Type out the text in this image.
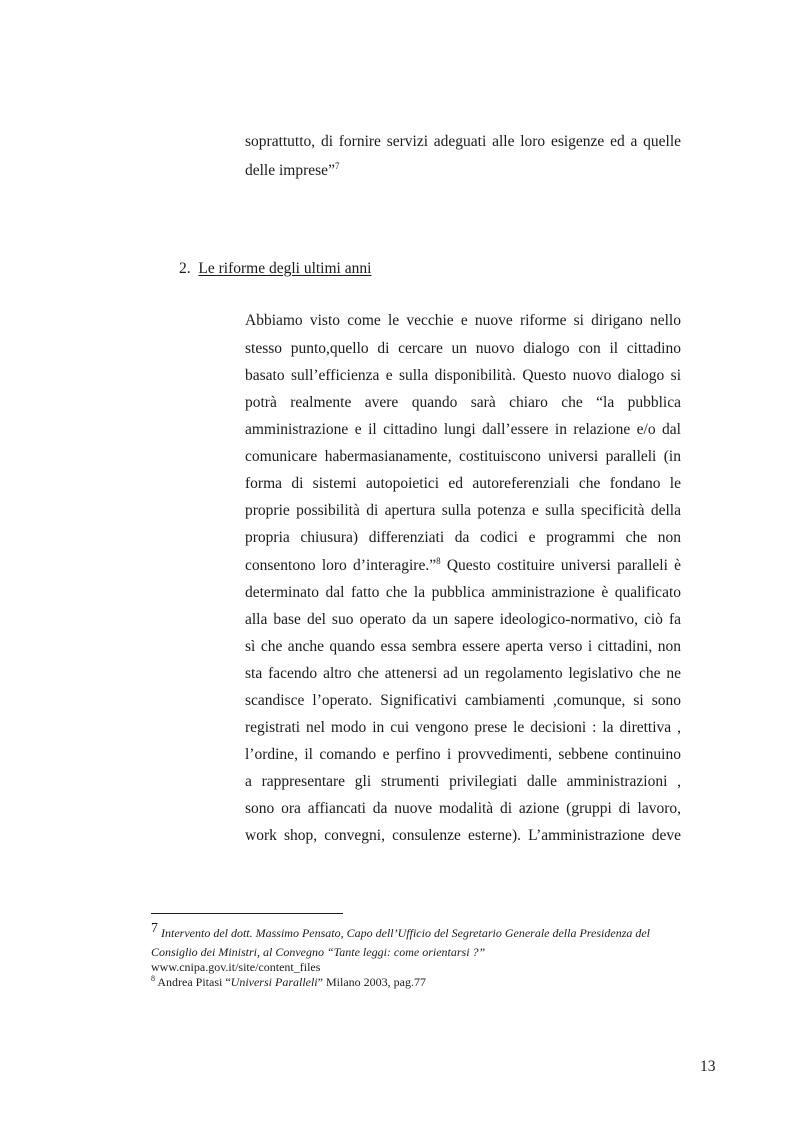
soprattutto, di fornire servizi adeguati alle loro esigenze ed a quelle
delle imprese”$^7$
2. Le riforme degli ultimi anni
Abbiamo visto come le vecchie e nuove riforme si dirigano nello
stesso punto,quello di cercare un nuovo dialogo con il cittadino
basato sull’efficienza e sulla disponibilità. Questo nuovo dialogo si
potrà realmente avere quando sarà chiaro che “la pubblica
amministrazione e il cittadino lungi dall’essere in relazione e/o dal
comunicare habermasianamente, costituiscono universi paralleli (in
forma di sistemi autopoietici ed autoreferenziali che fondano le
proprie possibilità di apertura sulla potenza e sulla specificità della
propria chiusura) differenziati da codici e programmi che non
consentono loro d’interagire.”$^8$ Questo costituire universi paralleli è
determinato dal fatto che la pubblica amministrazione è qualificato
alla base del suo operato da un sapere ideologico-normativo, ciò fa
sì che anche quando essa sembra essere aperta verso i cittadini, non
sta facendo altro che attenersi ad un regolamento legislativo che ne
scandisce l’operato. Significativi cambiamenti ,comunque, si sono
registrati nel modo in cui vengono prese le decisioni : la direttiva ,
l’ordine, il comando e perfino i provvedimenti, sebbene continuino
a rappresentare gli strumenti privilegiati dalle amministrazioni ,
sono ora affiancati da nuove modalità di azione (gruppi di lavoro,
work shop, convegni, consulenze esterne). L’amministrazione deve
7 Intervento del dott. Massimo Pensato, Capo dell’Ufficio del Segretario Generale della Presidenza del
Consiglio dei Ministri, al Convegno “Tante leggi: come orientarsi ?”
www.cnipa.gov.it/site/content_files
$^8$ Andrea Pitasi “Universi Paralleli” Milano 2003, pag.77
13
